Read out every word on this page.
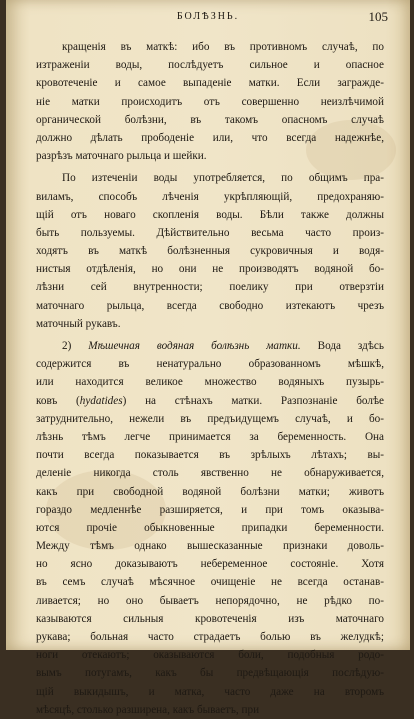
БОЛѢЗНЬ.	105
кращенія въ маткѣ: ибо въ противномъ случаѣ, по
изтраженіи воды, послѣдуетъ сильное и опасное
кровотеченіе и самое выпаденіе матки. Если загражде-
ніе матки происходитъ отъ совершенно неизлѣчимой
органической болѣзни, въ такомъ опасномъ случаѣ
должно дѣлать прободеніе или, что всегда надежнѣе,
разрѣзъ маточнаго рыльца и шейки.
По изтеченіи воды употребляется, по общимъ пра-
виламъ, способъ лѣченія укрѣпляющій, предохраняю-
щій отъ новаго скопленія воды. Бѣли также должны
быть пользуемы. Дѣйствительно весьма часто произ-
ходятъ въ маткѣ болѣзненныя сукровичныя и водя-
нистыя отдѣленія, но они не производятъ водяной бо-
лѣзни сей внутренности; поелику при отверзтіи
маточнаго рыльца, всегда свободно изтекаютъ чрезъ
маточный рукавъ.
2) Мѣшечная водяная болѣзнь матки. Вода здѣсь
содержится въ ненатурально образованномъ мѣшкѣ,
или находится великое множество водяныхъ пузырь-
ковъ (hydatides) на стѣнахъ матки. Разпознаніе болѣе
затруднительно, нежели въ предъидущемъ случаѣ, и бо-
лѣзнь тѣмъ легче принимается за беременность. Она
почти всегда показывается въ зрѣлыхъ лѣтахъ; вы-
деленіе никогда столь явственно не обнаруживается,
какъ при свободной водяной болѣзни матки; животъ
гораздо медленнѣе разширяется, и при томъ оказыва-
ются прочіе обыкновенные припадки беременности.
Между тѣмъ однако вышесказанные признаки доволь-
но ясно доказываютъ небеременное состояніе. Хотя
въ семъ случаѣ мѣсячное очищеніе не всегда останав-
ливается; но оно бываетъ непорядочно, не рѣдко по-
казываются сильныя кровотеченія изъ маточнаго
рукава; больная часто страдаетъ болью въ желудкѣ;
ноги отекаютъ; оказываются боли, подобныя родо-
вымъ потугамъ, какъ бы предвѣщающія послѣдую-
щій выкидышъ, и матка, часто даже на второмъ
мѣсяцѣ, столько разширена, какъ бываетъ, при
